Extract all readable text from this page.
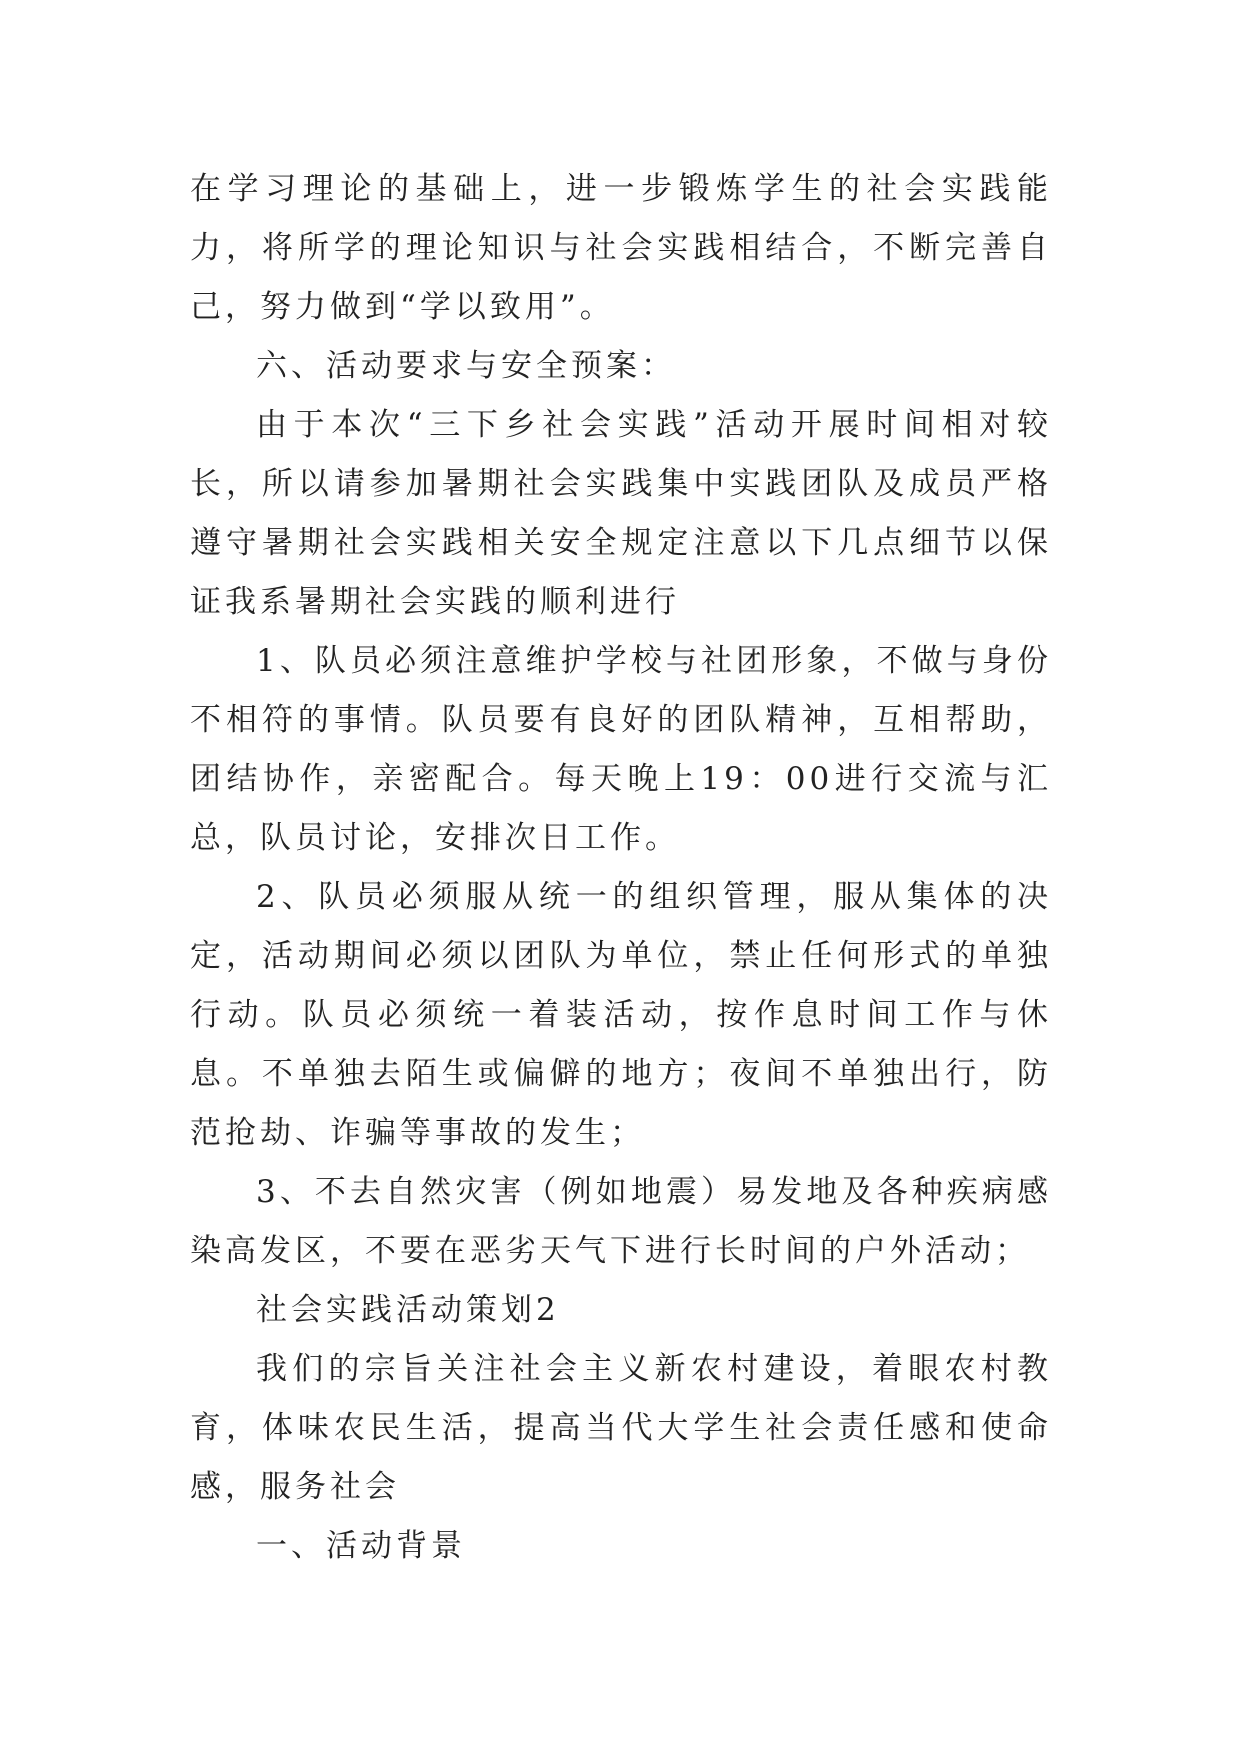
在学习理论的基础上，进一步锻炼学生的社会实践能力，将所学的理论知识与社会实践相结合，不断完善自己，努力做到“学以致用”。

六、活动要求与安全预案：

由于本次“三下乡社会实践”活动开展时间相对较长，所以请参加暑期社会实践集中实践团队及成员严格遵守暑期社会实践相关安全规定注意以下几点细节以保证我系暑期社会实践的顺利进行

1、队员必须注意维护学校与社团形象，不做与身份不相符的事情。队员要有良好的团队精神，互相帮助，团结协作，亲密配合。每天晚上19：00进行交流与汇总，队员讨论，安排次日工作。

2、队员必须服从统一的组织管理，服从集体的决定，活动期间必须以团队为单位，禁止任何形式的单独行动。队员必须统一着装活动，按作息时间工作与休息。不单独去陌生或偏僻的地方；夜间不单独出行，防范抢劫、诈骗等事故的发生；

3、不去自然灾害（例如地震）易发地及各种疾病感染高发区，不要在恶劣天气下进行长时间的户外活动；

社会实践活动策划2

我们的宗旨关注社会主义新农村建设，着眼农村教育，体味农民生活，提高当代大学生社会责任感和使命感，服务社会

一、活动背景
